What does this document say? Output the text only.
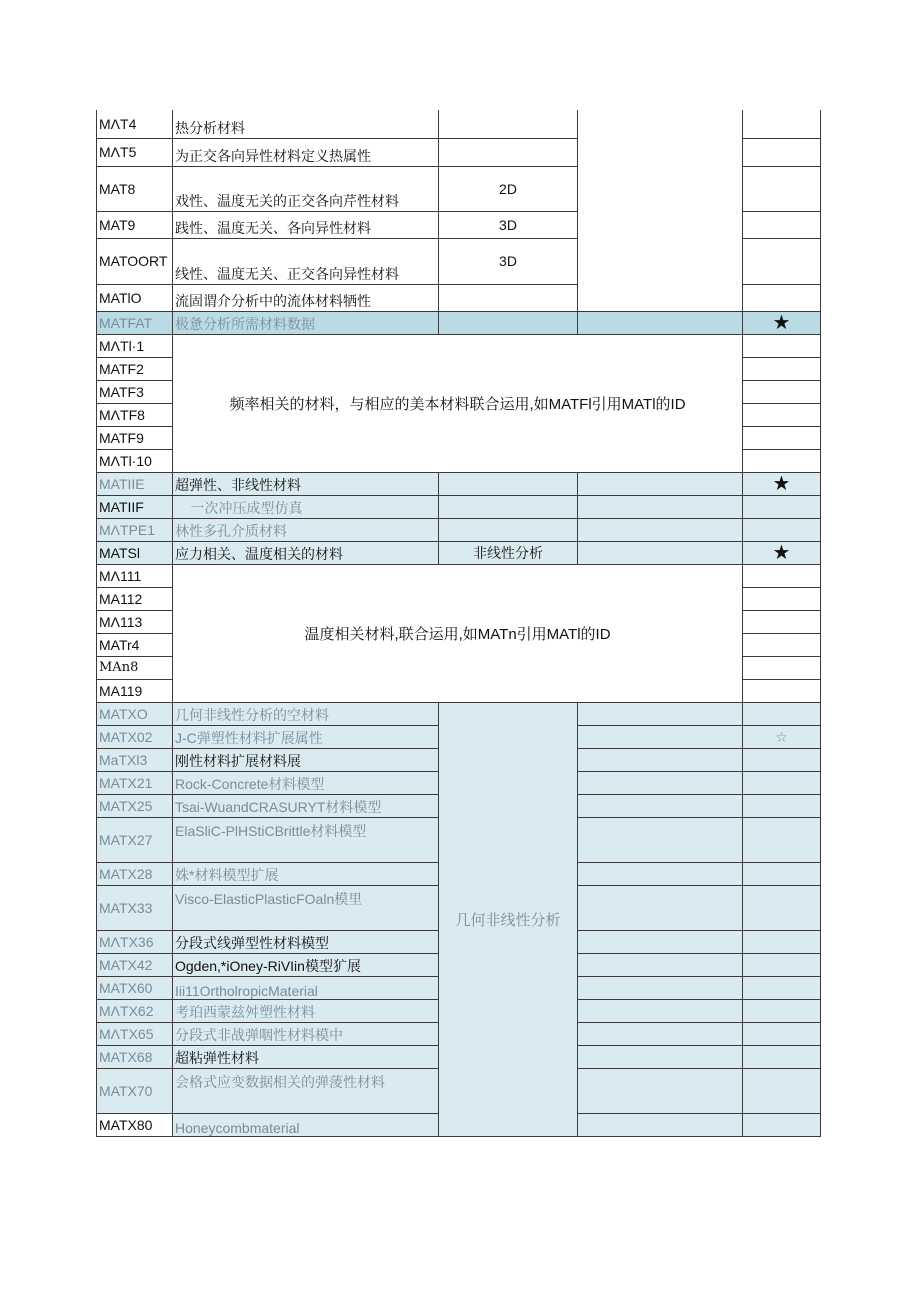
MΛT4	热分析材料			
MΛT5	为正交各向异性材料定义热属性			
MAT8	戏性、温度无关的正交各向芹性材料	2D		
MAT9	践性、温度无关、各向异性材料	3D		
MATOORT	线性、温度无关、正交各向异性材料	3D		
MATlO	流固谓介分析中的流体材料牺性			
MATFAT	极惫分析所需材料数据			★
MΛTl·1	频率相关的材料，与相应的美本材料联合运用,如MATFl引用MATl的ID			
MATF2				
MATF3				
MΛTF8				
MATF9				
MΛTl·10				
MATIIE	超弹性、非线性材料			★
MATIIF	一次冲压成型仿真			
MΛTPE1	林性多孔介质材料			
MATSl	应力相关、温度相关的材料	非线性分析		★
MΛ111	温度相关材料,联合运用,如MATn引用MATl的ID			
MA112				
MΛ113				
MATr4				
MAn8				
MA119				
MATXO	几何非线性分析的空材料	几何非线性分析		
MATX02	J-C弹塑性材料扩展属性			☆
MaTXl3	刚性材料扩展材料展			
MATX21	Rock-Concrete材料模型			
MATX25	Tsai-WuandCRASURYT材料模型			
MATX27	ElaSliC-PlHStiCBrittle材料模型			
MATX28	姝*材料模型扩展			
MATX33	Visco-ElasticPlasticFOaln模里			
MΛTX36	分段式线弹型性材料模型			
MATX42	Ogden,*iOney-RiVIin模型犷展			
MATX60	Iii11OrtholropicMaterial			
MΛTX62	考珀西蒙兹舛塑性材料			
MΛTX65	分段式非战弹咽性材料模中			
MATX68	超粘弹性材料			
MATX70	会格式应变数据相关的弹蔆性材料			
MATX80	Honeycombmaterial			
